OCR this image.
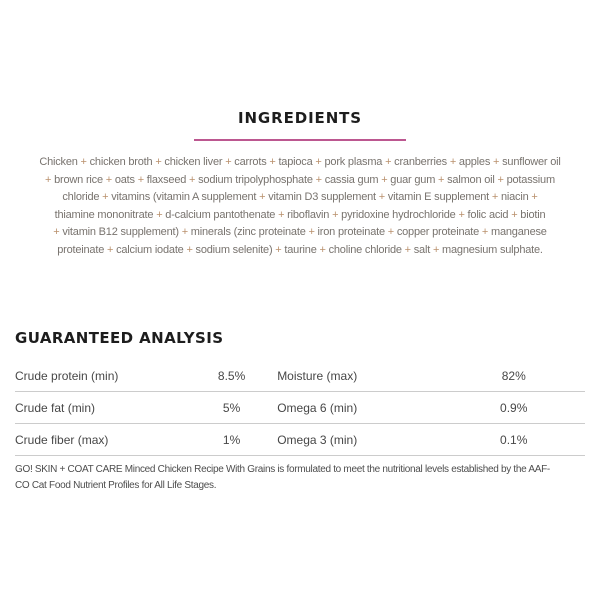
INGREDIENTS
Chicken + chicken broth + chicken liver + carrots + tapioca + pork plasma + cranberries + apples + sunflower oil
+ brown rice + oats + flaxseed + sodium tripolyphosphate + cassia gum + guar gum + salmon oil + potassium
chloride + vitamins (vitamin A supplement + vitamin D3 supplement + vitamin E supplement + niacin +
thiamine mononitrate + d-calcium pantothenate + riboflavin + pyridoxine hydrochloride + folic acid + biotin
+ vitamin B12 supplement) + minerals (zinc proteinate + iron proteinate + copper proteinate + manganese
proteinate + calcium iodate + sodium selenite) + taurine + choline chloride + salt + magnesium sulphate.
GUARANTEED ANALYSIS
Crude protein (min)	8.5%	Moisture (max)	82%
Crude fat (min)	5%	Omega 6 (min)	0.9%
Crude fiber (max)	1%	Omega 3 (min)	0.1%
GO! SKIN + COAT CARE Minced Chicken Recipe With Grains is formulated to meet the nutritional levels established by the AAF-
CO Cat Food Nutrient Profiles for All Life Stages.
